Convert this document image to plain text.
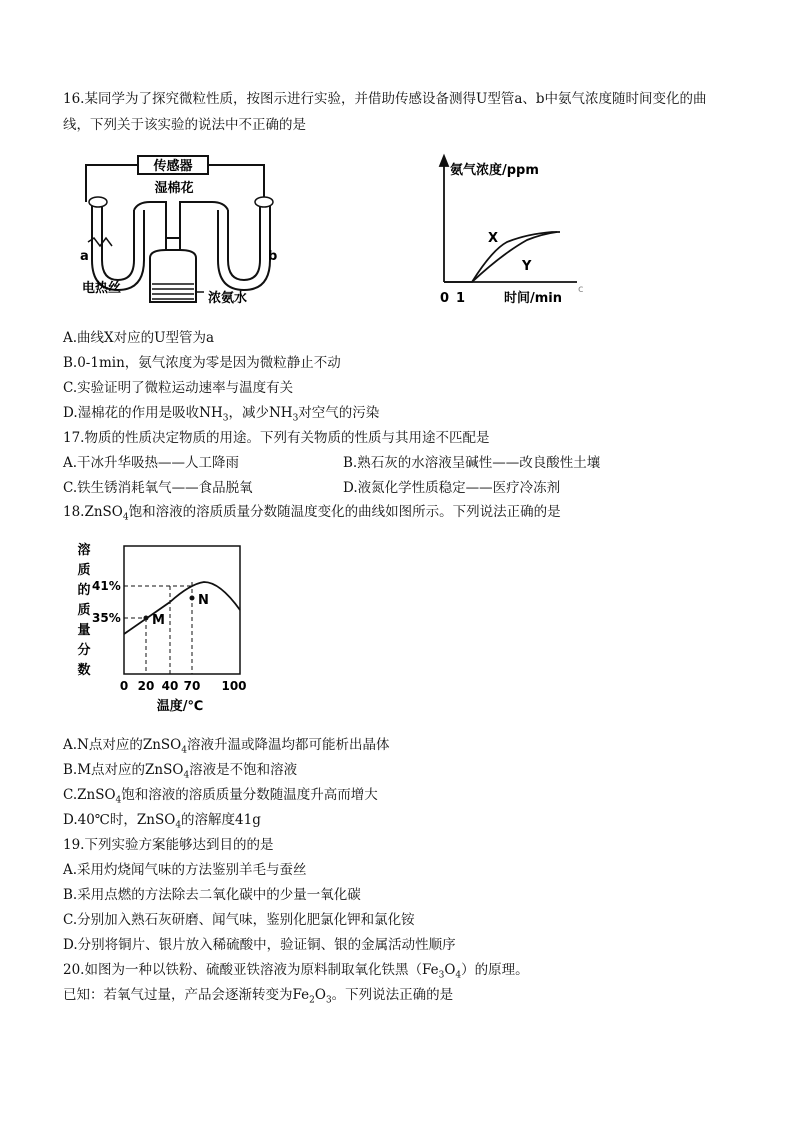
16.某同学为了探究微粒性质，按图示进行实验，并借助传感设备测得U型管a、b中氨气浓度随时间变化的曲
线，下列关于该实验的说法中不正确的是
传感器
湿棉花
a	b
电热丝
浓氨水
氨气浓度/ppm
X
Y
0 1	时间/min
c
A.曲线X对应的U型管为a
B.0-1min，氨气浓度为零是因为微粒静止不动
C.实验证明了微粒运动速率与温度有关
D.湿棉花的作用是吸收$NH_3$，减少$NH_3$对空气的污染
17.物质的性质决定物质的用途。下列有关物质的性质与其用途不匹配是
A.干冰升华吸热——人工降雨	B.熟石灰的水溶液呈碱性——改良酸性土壤
C.铁生锈消耗氧气——食品脱氧	D.液氮化学性质稳定——医疗冷冻剂
18.ZnSO$_4$饱和溶液的溶质质量分数随温度变化的曲线如图所示。下列说法正确的是
M
N
41%
35%
溶
质
的
质
量
分
数
0 20 40 70 100
温度/℃
A.N点对应的ZnSO$_4$溶液升温或降温均都可能析出晶体
B.M点对应的ZnSO$_4$溶液是不饱和溶液
C.ZnSO$_4$饱和溶液的溶质质量分数随温度升高而增大
D.40℃时，ZnSO$_4$的溶解度41g
19.下列实验方案能够达到目的的是
A.采用灼烧闻气味的方法鉴别羊毛与蚕丝
B.采用点燃的方法除去二氧化碳中的少量一氧化碳
C.分别加入熟石灰研磨、闻气味，鉴别化肥氯化钾和氯化铵
D.分别将铜片、银片放入稀硫酸中，验证铜、银的金属活动性顺序
20.如图为一种以铁粉、硫酸亚铁溶液为原料制取氧化铁黑$(Fe_3O_4)$的原理。
已知：若氧气过量，产品会逐渐转变为$Fe_2O_3$。下列说法正确的是
